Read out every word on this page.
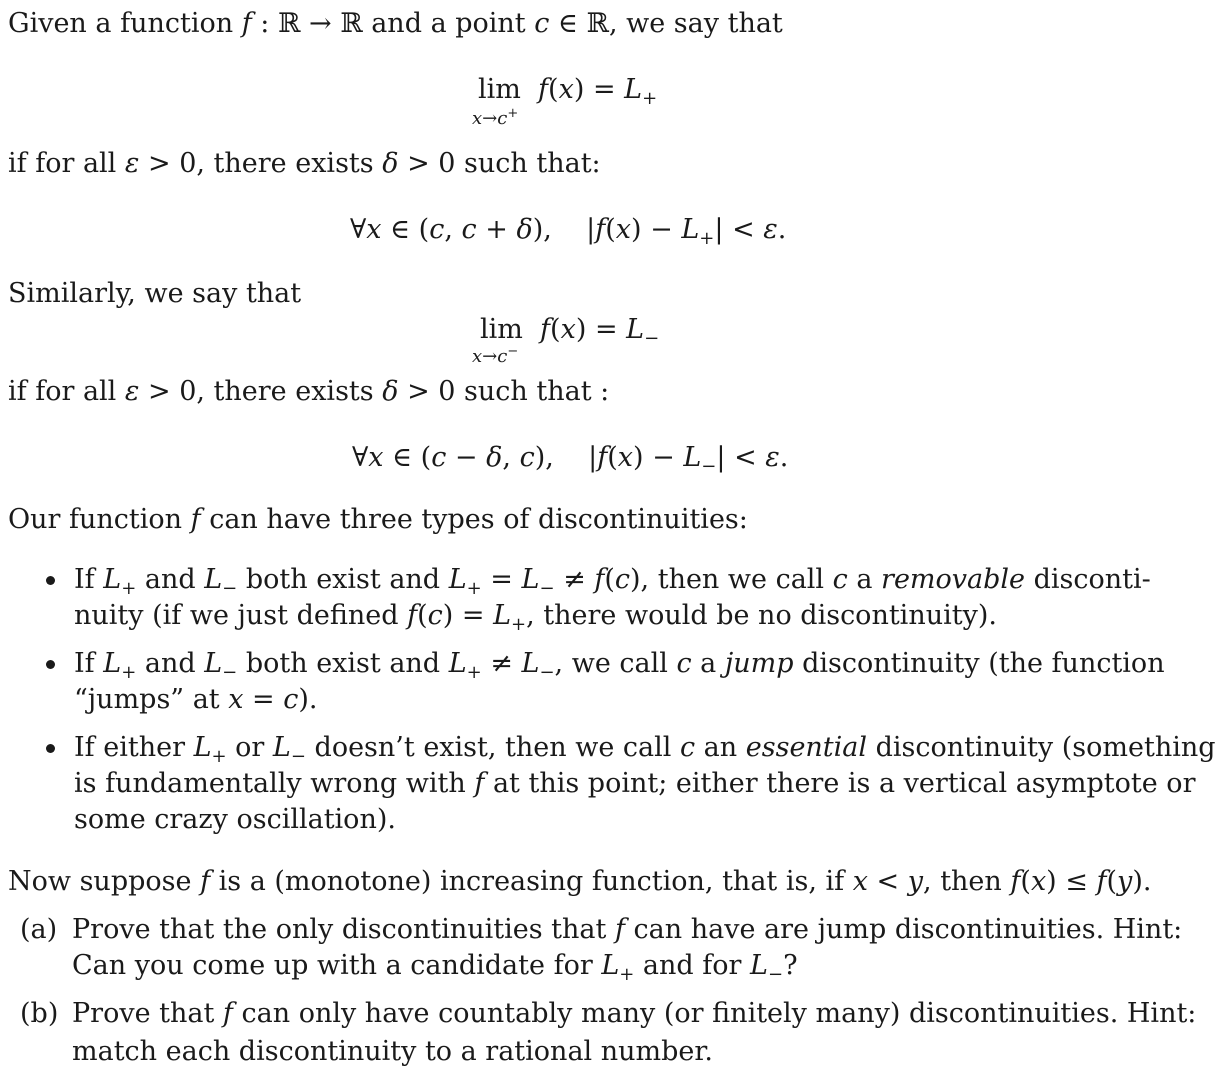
Given a function f : ℝ → ℝ and a point c ∈ ℝ, we say that
$\lim f(x) = L_+$
x→c+
if for all ε > 0, there exists δ > 0 such that:
∀x ∈ (c, c + δ),    $|f(x) - L_+| < \varepsilon$.
Similarly, we say that
$\lim f(x) = L_-$
x→c−
if for all ε > 0, there exists δ > 0 such that :
∀x ∈ (c − δ, c),    $|f(x) - L_-| < \varepsilon$.
Our function f can have three types of discontinuities:
If $L_+$ and $L_-$ both exist and $L_+ = L_- \ne f(c)$, then we call c a removable disconti-
nuity (if we just defined $f(c) = L_+$, there would be no discontinuity).
If $L_+$ and $L_-$ both exist and $L_+ \ne L_-$, we call c a jump discontinuity (the function
“jumps” at x = c).
If either $L_+$ or $L_-$ doesn’t exist, then we call c an essential discontinuity (something
is fundamentally wrong with f at this point; either there is a vertical asymptote or
some crazy oscillation).
Now suppose f is a (monotone) increasing function, that is, if x < y, then f(x) ≤ f(y).
(a) Prove that the only discontinuities that f can have are jump discontinuities. Hint:
Can you come up with a candidate for $L_+$ and for $L_-$?
(b) Prove that f can only have countably many (or finitely many) discontinuities. Hint:
match each discontinuity to a rational number.
